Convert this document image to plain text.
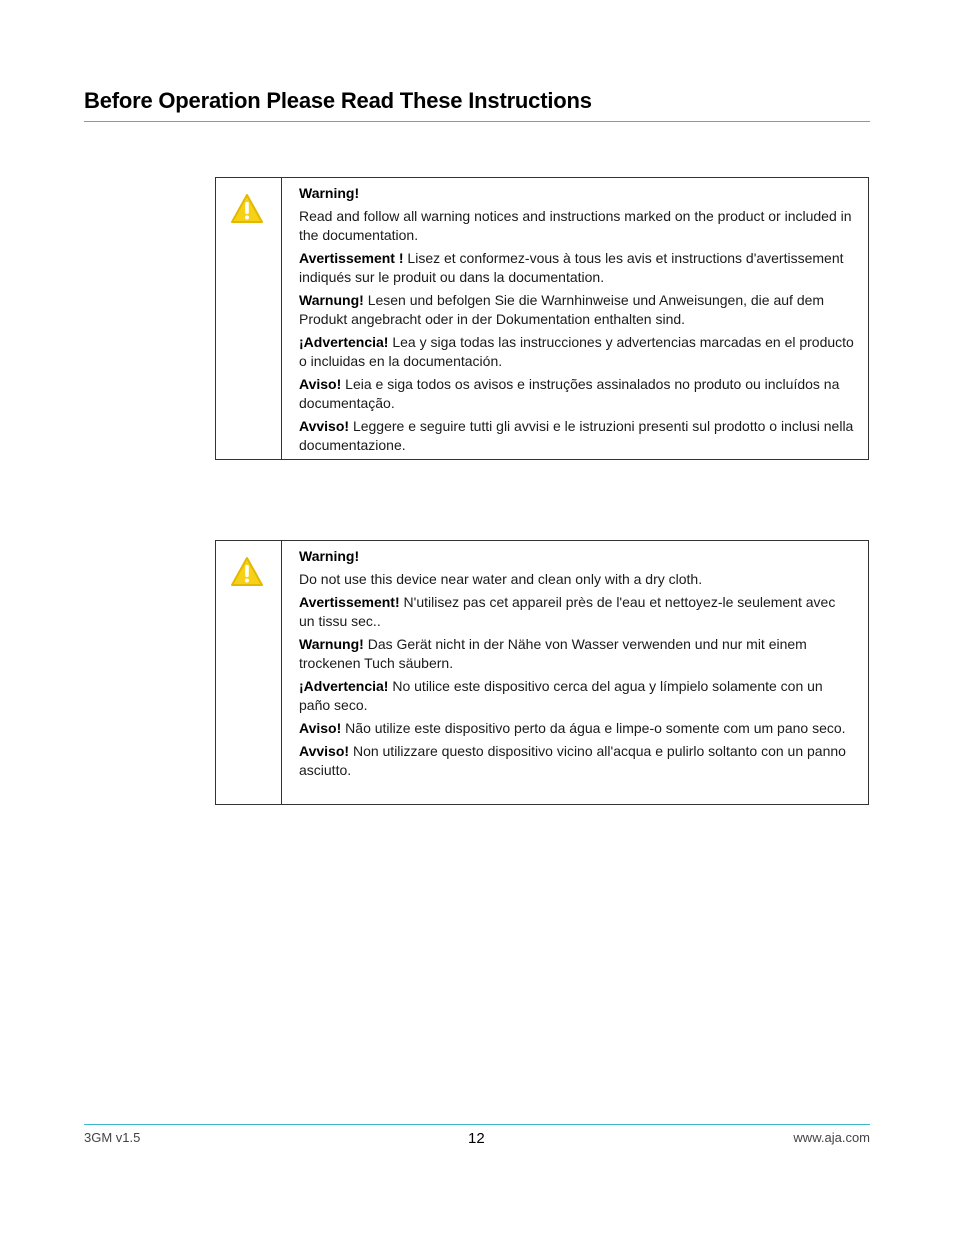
Before Operation Please Read These Instructions

Warning!

Read and follow all warning notices and instructions marked on the product or included in the documentation.

Avertissement ! Lisez et conformez-vous à tous les avis et instructions d'avertissement indiqués sur le produit ou dans la documentation.

Warnung! Lesen und befolgen Sie die Warnhinweise und Anweisungen, die auf dem Produkt angebracht oder in der Dokumentation enthalten sind.

¡Advertencia! Lea y siga todas las instrucciones y advertencias marcadas en el producto o incluidas en la documentación.

Aviso! Leia e siga todos os avisos e instruções assinalados no produto ou incluídos na documentação.

Avviso! Leggere e seguire tutti gli avvisi e le istruzioni presenti sul prodotto o inclusi nella documentazione.

Warning!

Do not use this device near water and clean only with a dry cloth.

Avertissement! N'utilisez pas cet appareil près de l'eau et nettoyez-le seulement avec un tissu sec..

Warnung! Das Gerät nicht in der Nähe von Wasser verwenden und nur mit einem trockenen Tuch säubern.

¡Advertencia! No utilice este dispositivo cerca del agua y límpielo solamente con un paño seco.

Aviso! Não utilize este dispositivo perto da água e limpe-o somente com um pano seco.

Avviso! Non utilizzare questo dispositivo vicino all'acqua e pulirlo soltanto con un panno asciutto.

3GM v1.5	12	www.aja.com
